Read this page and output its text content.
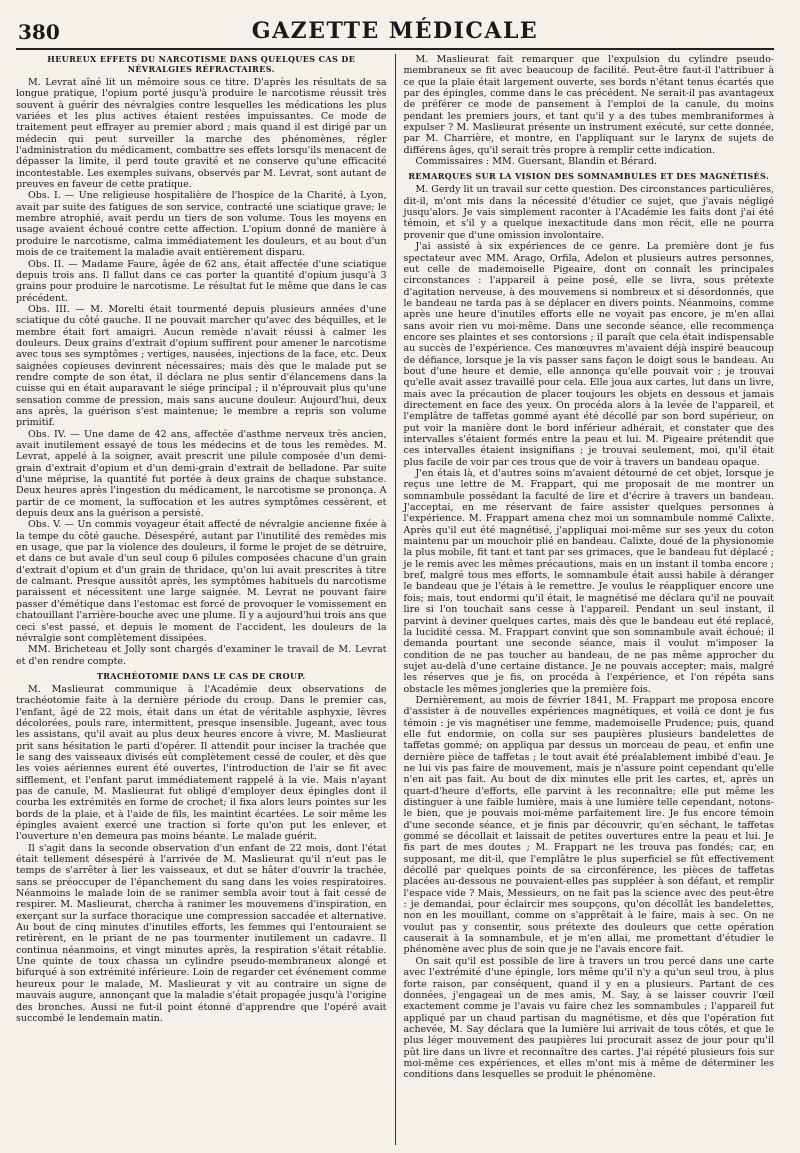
380	GAZETTE MÉDICALE
HEUREUX EFFETS DU NARCOTISME DANS QUELQUES CAS DE NÉVRALGIES RÉFRACTAIRES.

M. Levrat aîné lit un mémoire sous ce titre. D'après les résultats de sa longue pratique, l'opium porté jusqu'à produire le narcotisme réussit très souvent à guérir des névralgies contre lesquelles les médications les plus variées et les plus actives étaient restées impuissantes. Ce mode de traitement peut effrayer au premier abord ; mais quand il est dirigé par un médecin qui peut surveiller la marche des phénomènes, régler l'administration du médicament, combattre ses effets lorsqu'ils menacent de dépasser la limite, il perd toute gravité et ne conserve qu'une efficacité incontestable. Les exemples suivans, observés par M. Levrat, sont autant de preuves en faveur de cette pratique.

Obs. I. — Une religieuse hospitalière de l'hospice de la Charité, à Lyon, avait par suite des fatigues de son service, contracté une sciatique grave; le membre atrophié, avait perdu un tiers de son volume. Tous les moyens en usage avaient échoué contre cette affection. L'opium donné de manière à produire le narcotisme, calma immédiatement les douleurs, et au bout d'un mois de ce traitement la maladie avait entièrement disparu.

Obs. II. — Madame Faure, âgée de 62 ans, était affectée d'une sciatique depuis trois ans. Il fallut dans ce cas porter la quantité d'opium jusqu'à 3 grains pour produire le narcotisme. Le résultat fut le même que dans le cas précédent.

Obs. III. — M. Morelti était tourmenté depuis plusieurs années d'une sciatique du côté gauche. Il ne pouvait marcher qu'avec des béquilles, et le membre était fort amaigri. Aucun remède n'avait réussi à calmer les douleurs. Deux grains d'extrait d'opium suffirent pour amener le narcotisme avec tous ses symptômes ; vertiges, nausées, injections de la face, etc. Deux saignées copieuses devinrent nécessaires; mais dès que le malade put se rendre compte de son état, il déclara ne plus sentir d'élancemens dans la cuisse qui en était auparavant le siége principal ; il n'éprouvait plus qu'une sensation comme de pression, mais sans aucune douleur. Aujourd'hui, deux ans après, la guérison s'est maintenue; le membre a repris son volume primitif.

Obs. IV. — Une dame de 42 ans, affectée d'asthme nerveux très ancien, avait inutilement essayé de tous les médecins et de tous les remèdes. M. Levrat, appelé à la soigner, avait prescrit une pilule composée d'un demi-grain d'extrait d'opium et d'un demi-grain d'extrait de belladone. Par suite d'une méprise, la quantité fut portée à deux grains de chaque substance. Deux heures après l'ingestion du médicament, le narcotisme se prononça. A partir de ce moment, la suffocation et les autres symptômes cessèrent, et depuis deux ans la guérison a persisté.

Obs. V. — Un commis voyageur était affecté de névralgie ancienne fixée à la tempe du côté gauche. Désespéré, autant par l'inutilité des remèdes mis en usage, que par la violence des douleurs, il forme le projet de se détruire, et dans ce but avale d'un seul coup 6 pilules composées chacune d'un grain d'extrait d'opium et d'un grain de thridace, qu'on lui avait prescrites à titre de calmant. Presque aussitôt après, les symptômes habituels du narcotisme paraissent et nécessitent une large saignée. M. Levrat ne pouvant faire passer d'émétique dans l'estomac est forcé de provoquer le vomissement en chatouillant l'arrière-bouche avec une plume. Il y a aujourd'hui trois ans que ceci s'est passé, et depuis le moment de l'accident, les douleurs de la névralgie sont complètement dissipées.

MM. Bricheteau et Jolly sont chargés d'examiner le travail de M. Levrat et d'en rendre compte.

TRACHÉOTOMIE DANS LE CAS DE CROUP.

M. Maslieurat communique à l'Académie deux observations de trachéotomie faite à la dernière période du croup. Dans le premier cas, l'enfant, âgé de 22 mois, était dans un état de véritable asphyxie, lèvres décolorées, pouls rare, intermittent, presque insensible. Jugeant, avec tous les assistans, qu'il avait au plus deux heures encore à vivre, M. Maslieurat prit sans hésitation le parti d'opérer. Il attendit pour inciser la trachée que le sang des vaisseaux divisés eût complètement cessé de couler, et dès que les voies aériennes eurent été ouvertes, l'introduction de l'air se fit avec sifflement, et l'enfant parut immédiatement rappelé à la vie. Mais n'ayant pas de canule, M. Maslieurat fut obligé d'employer deux épingles dont il courba les extrémités en forme de crochet; il fixa alors leurs pointes sur les bords de la plaie, et à l'aide de fils, les maintint écartées. Le soir même les épingles avaient exercé une traction si forte qu'on put les enlever, et l'ouverture n'en demeura pas moins béante. Le malade guérit.

Il s'agit dans la seconde observation d'un enfant de 22 mois, dont l'état était tellement désespéré à l'arrivée de M. Maslieurat qu'il n'eut pas le temps de s'arrêter à lier les vaisseaux, et dut se hâter d'ouvrir la trachée, sans se préoccuper de l'épanchement du sang dans les voies respiratoires. Néanmoins le malade loin de se ranimer sembla avoir tout à fait cessé de respirer. M. Maslieurat, chercha à ranimer les mouvemens d'inspiration, en exerçant sur la surface thoracique une compression saccadée et alternative. Au bout de cinq minutes d'inutiles efforts, les femmes qui l'entouraient se retirèrent, en le priant de ne pas tourmenter inutilement un cadavre. Il continua néanmoins, et vingt minutes après, la respiration s'était rétablie. Une quinte de toux chassa un cylindre pseudo-membraneux alongé et bifurqué à son extrémité inférieure. Loin de regarder cet événement comme heureux pour le malade, M. Maslieurat y vit au contraire un signe de mauvais augure, annonçant que la maladie s'était propagée jusqu'à l'origine des bronches. Aussi ne fut-il point étonné d'apprendre que l'opéré avait succombé le lendemain matin.

M. Maslieurat fait remarquer que l'expulsion du cylindre pseudo-membraneux se fit avec beaucoup de facilité. Peut-être faut-il l'attribuer à ce que la plaie était largement ouverte, ses bords n'étant tenus écartés que par des épingles, comme dans le cas précédent. Ne serait-il pas avantageux de préférer ce mode de pansement à l'emploi de la canule, du moins pendant les premiers jours, et tant qu'il y a des tubes membraniformes à expulser ? M. Maslieurat présente un instrument exécuté, sur cette donnée, par M. Charrière, et montre, en l'appliquant sur le larynx de sujets de différens âges, qu'il serait très propre à remplir cette indication.

Commissaires : MM. Guersant, Blandin et Bérard.

REMARQUES SUR LA VISION DES SOMNAMBULES ET DES MAGNÉTISÉS.

M. Gerdy lit un travail sur cette question. Des circonstances particulières, dit-il, m'ont mis dans la nécessité d'étudier ce sujet, que j'avais négligé jusqu'alors. Je vais simplement raconter à l'Académie les faits dont j'ai été témoin, et s'il y a quelque inexactitude dans mon récit, elle ne pourra provenir que d'une omission involontaire.

J'ai assisté à six expériences de ce genre. La première dont je fus spectateur avec MM. Arago, Orfila, Adelon et plusieurs autres personnes, eut celle de mademoiselle Pigeaire, dont on connaît les principales circonstances : l'appareil à peine posé, elle se livra, sous prétexte d'agitation nerveuse, à des mouvemens si nombreux et si désordonnés, que le bandeau ne tarda pas à se déplacer en divers points. Néanmoins, comme après une heure d'inutiles efforts elle ne voyait pas encore, je m'en allai sans avoir rien vu moi-même. Dans une seconde séance, elle recommença encore ses plaintes et ses contorsions ; il paraît que cela était indispensable au succès de l'expérience. Ces manœuvres m'avaient déjà inspiré beaucoup de défiance, lorsque je la vis passer sans façon le doigt sous le bandeau. Au bout d'une heure et demie, elle annonça qu'elle pouvait voir ; je trouvai qu'elle avait assez travaillé pour cela. Elle joua aux cartes, lut dans un livre, mais avec la précaution de placer toujours les objets en dessous et jamais directement en face des yeux. On procéda alors à la levée de l'appareil, et l'emplâtre de taffetas gommé ayant été décollé par son bord supérieur, on put voir la manière dont le bord inférieur adhérait, et constater que des intervalles s'étaient formés entre la peau et lui. M. Pigeaire prétendit que ces intervalles étaient insignifians ; je trouvai seulement, moi, qu'il était plus facile de voir par ces trous que de voir à travers un bandeau opaque.

J'en étais là, et d'autres soins m'avaient détourné de cet objet, lorsque je reçus une lettre de M. Frappart, qui me proposait de me montrer un somnambule possédant la faculté de lire et d'écrire à travers un bandeau. J'acceptai, en me réservant de faire assister quelques personnes à l'expérience. M. Frappart amena chez moi un somnambule nommé Calixte. Après qu'il eut été magnétisé, j'appliquai moi-même sur ses yeux du coton maintenu par un mouchoir plié en bandeau. Calixte, doué de la physionomie la plus mobile, fit tant et tant par ses grimaces, que le bandeau fut déplacé ; je le remis avec les mêmes précautions, mais en un instant il tomba encore ; bref, malgré tous mes efforts, le somnambule était aussi habile à déranger le bandeau que je l'étais à le remettre. Je voulus le réappliquer encore une fois; mais, tout endormi qu'il était, le magnétisé me déclara qu'il ne pouvait lire si l'on touchait sans cesse à l'appareil. Pendant un seul instant, il parvint à deviner quelques cartes, mais dès que le bandeau eut été replacé, la lucidité cessa. M. Frappart convint que son somnambule avait échoué; il demanda pourtant une seconde séance, mais il voulut m'imposer la condition de ne pas toucher au bandeau, de ne pas même approcher du sujet au-delà d'une certaine distance. Je ne pouvais accepter; mais, malgré les réserves que je fis, on procéda à l'expérience, et l'on répéta sans obstacle les mêmes jongleries que la première fois.

Dernièrement, au mois de février 1841, M. Frappart me proposa encore d'assister à de nouvelles expériences magnétiques, et voilà ce dont je fus témoin : je vis magnétiser une femme, mademoiselle Prudence; puis, quand elle fut endormie, on colla sur ses paupières plusieurs bandelettes de taffetas gommé; on appliqua par dessus un morceau de peau, et enfin une dernière pièce de taffetas ; le tout avait été préalablement imbibé d'eau. Je ne lui vis pas faire de mouvement, mais je n'assure point cependant qu'elle n'en ait pas fait. Au bout de dix minutes elle prit les cartes, et, après un quart-d'heure d'efforts, elle parvint à les reconnaître; elle put même les distinguer à une faible lumière, mais à une lumière telle cependant, notons-le bien, que je pouvais moi-même parfaitement lire. Je fus encore témoin d'une seconde séance, et je finis par découvrir, qu'en séchant, le taffetas gommé se décollait et laissait de petites ouvertures entre la peau et lui. Je fis part de mes doutes ; M. Frappart ne les trouva pas fondés; car, en supposant, me dit-il, que l'emplâtre le plus superficiel se fût effectivement décollé par quelques points de sa circonférence, les pièces de taffetas placées au-dessous ne pouvaient-elles pas suppléer à son défaut, et remplir l'espace vide ? Mais, Messieurs, on ne fait pas la science avec des peut-être : je demandai, pour éclaircir mes soupçons, qu'on décollât les bandelettes, non en les mouillant, comme on s'apprêtait à le faire, mais à sec. On ne voulut pas y consentir, sous prétexte des douleurs que cette opération causerait à la somnambule, et je m'en allai, me promettant d'étudier le phénomène avec plus de soin que je ne l'avais encore fait.

On sait qu'il est possible de lire à travers un trou percé dans une carte avec l'extrémité d'une épingle, lors même qu'il n'y a qu'un seul trou, à plus forte raison, par conséquent, quand il y en a plusieurs. Partant de ces données, j'engageai un de mes amis, M. Say, à se laisser couvrir l'œil exactement comme je l'avais vu faire chez les somnambules ; l'appareil fut appliqué par un chaud partisan du magnétisme, et dès que l'opération fut achevée, M. Say déclara que la lumière lui arrivait de tous côtés, et que le plus léger mouvement des paupières lui procurait assez de jour pour qu'il pût lire dans un livre et reconnaître des cartes. J'ai répété plusieurs fois sur moi-même ces expériences, et elles m'ont mis à même de déterminer les conditions dans lesquelles se produit le phénomène.
